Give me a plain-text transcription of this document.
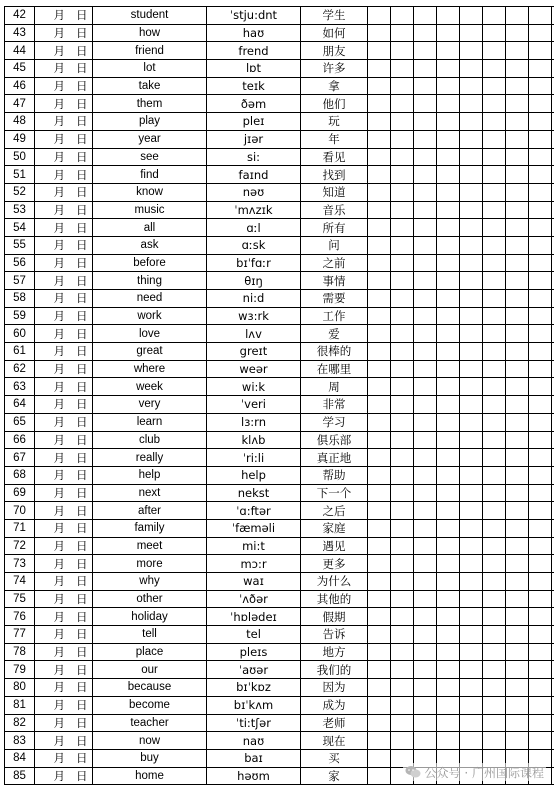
42	月 日	student	ˈstju:dnt	学生									
43	月 日	how	haʊ	如何									
44	月 日	friend	frend	朋友									
45	月 日	lot	lɒt	许多									
46	月 日	take	teɪk	拿									
47	月 日	them	ðəm	他们									
48	月 日	play	pleɪ	玩									
49	月 日	year	jɪər	年									
50	月 日	see	si:	看见									
51	月 日	find	faɪnd	找到									
52	月 日	know	nəʊ	知道									
53	月 日	music	ˈmʌzɪk	音乐									
54	月 日	all	ɑːl	所有									
55	月 日	ask	ɑːsk	问									
56	月 日	before	bɪˈfɑːr	之前									
57	月 日	thing	θɪŋ	事情									
58	月 日	need	ni:d	需要									
59	月 日	work	wɜ:rk	工作									
60	月 日	love	lʌv	爱									
61	月 日	great	greɪt	很棒的									
62	月 日	where	weər	在哪里									
63	月 日	week	wi:k	周									
64	月 日	very	ˈveri	非常									
65	月 日	learn	lɜ:rn	学习									
66	月 日	club	klʌb	俱乐部									
67	月 日	really	ˈri:li	真正地									
68	月 日	help	help	帮助									
69	月 日	next	nekst	下一个									
70	月 日	after	ˈɑ:ftər	之后									
71	月 日	family	ˈfæməli	家庭									
72	月 日	meet	mi:t	遇见									
73	月 日	more	mɔ:r	更多									
74	月 日	why	waɪ	为什么									
75	月 日	other	ˈʌðər	其他的									
76	月 日	holiday	ˈhɒlədeɪ	假期									
77	月 日	tell	tel	告诉									
78	月 日	place	pleɪs	地方									
79	月 日	our	ˈaʊər	我们的									
80	月 日	because	bɪˈkɒz	因为									
81	月 日	become	bɪˈkʌm	成为									
82	月 日	teacher	ˈti:tʃər	老师									
83	月 日	now	naʊ	现在									
84	月 日	buy	baɪ	买									
85	月 日	home	həʊm	家										公众号 · 广州国际课程
